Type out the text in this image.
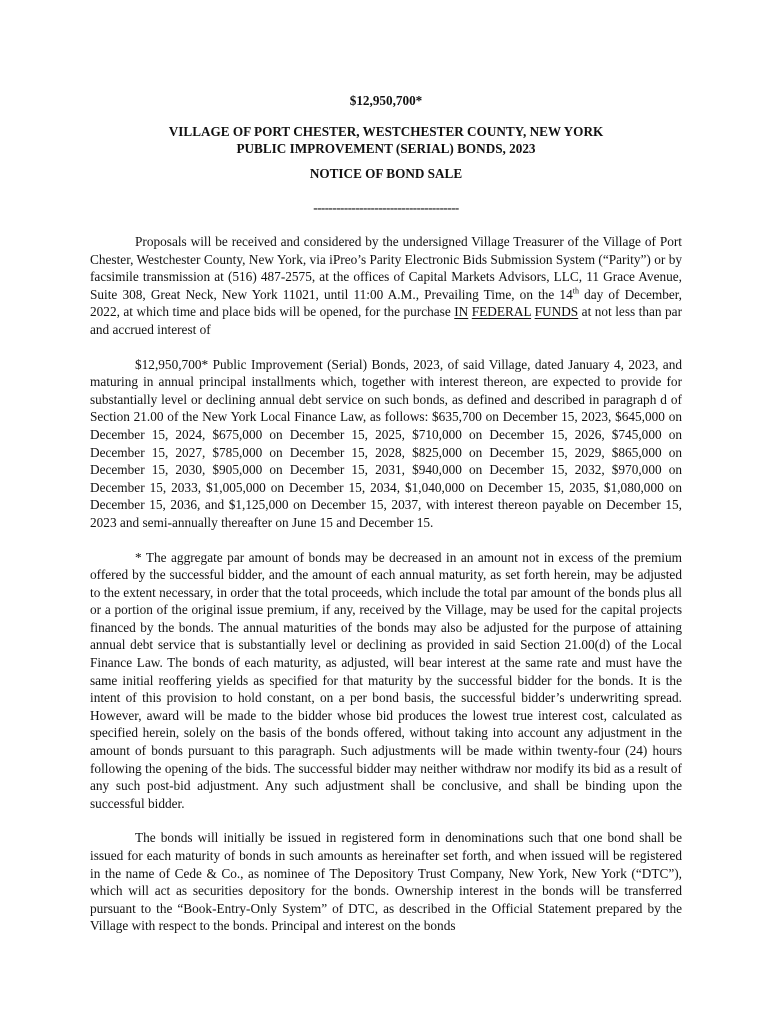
$12,950,700*
VILLAGE OF PORT CHESTER, WESTCHESTER COUNTY, NEW YORK
PUBLIC IMPROVEMENT (SERIAL) BONDS, 2023
NOTICE OF BOND SALE
--------------------------------------

Proposals will be received and considered by the undersigned Village Treasurer of the Village of Port Chester, Westchester County, New York, via iPreo’s Parity Electronic Bids Submission System (“Parity”) or by facsimile transmission at (516) 487-2575, at the offices of Capital Markets Advisors, LLC, 11 Grace Avenue, Suite 308, Great Neck, New York 11021, until 11:00 A.M., Prevailing Time, on the 14th day of December, 2022, at which time and place bids will be opened, for the purchase IN FEDERAL FUNDS at not less than par and accrued interest of

$12,950,700* Public Improvement (Serial) Bonds, 2023, of said Village, dated January 4, 2023, and maturing in annual principal installments which, together with interest thereon, are expected to provide for substantially level or declining annual debt service on such bonds, as defined and described in paragraph d of Section 21.00 of the New York Local Finance Law, as follows: $635,700 on December 15, 2023, $645,000 on December 15, 2024, $675,000 on December 15, 2025, $710,000 on December 15, 2026, $745,000 on December 15, 2027, $785,000 on December 15, 2028, $825,000 on December 15, 2029, $865,000 on December 15, 2030, $905,000 on December 15, 2031, $940,000 on December 15, 2032, $970,000 on December 15, 2033, $1,005,000 on December 15, 2034, $1,040,000 on December 15, 2035, $1,080,000 on December 15, 2036, and $1,125,000 on December 15, 2037, with interest thereon payable on December 15, 2023 and semi-annually thereafter on June 15 and December 15.

* The aggregate par amount of bonds may be decreased in an amount not in excess of the premium offered by the successful bidder, and the amount of each annual maturity, as set forth herein, may be adjusted to the extent necessary, in order that the total proceeds, which include the total par amount of the bonds plus all or a portion of the original issue premium, if any, received by the Village, may be used for the capital projects financed by the bonds. The annual maturities of the bonds may also be adjusted for the purpose of attaining annual debt service that is substantially level or declining as provided in said Section 21.00(d) of the Local Finance Law. The bonds of each maturity, as adjusted, will bear interest at the same rate and must have the same initial reoffering yields as specified for that maturity by the successful bidder for the bonds. It is the intent of this provision to hold constant, on a per bond basis, the successful bidder’s underwriting spread. However, award will be made to the bidder whose bid produces the lowest true interest cost, calculated as specified herein, solely on the basis of the bonds offered, without taking into account any adjustment in the amount of bonds pursuant to this paragraph. Such adjustments will be made within twenty-four (24) hours following the opening of the bids. The successful bidder may neither withdraw nor modify its bid as a result of any such post-bid adjustment. Any such adjustment shall be conclusive, and shall be binding upon the successful bidder.

The bonds will initially be issued in registered form in denominations such that one bond shall be issued for each maturity of bonds in such amounts as hereinafter set forth, and when issued will be registered in the name of Cede & Co., as nominee of The Depository Trust Company, New York, New York (“DTC”), which will act as securities depository for the bonds. Ownership interest in the bonds will be transferred pursuant to the “Book-Entry-Only System” of DTC, as described in the Official Statement prepared by the Village with respect to the bonds. Principal and interest on the bonds
